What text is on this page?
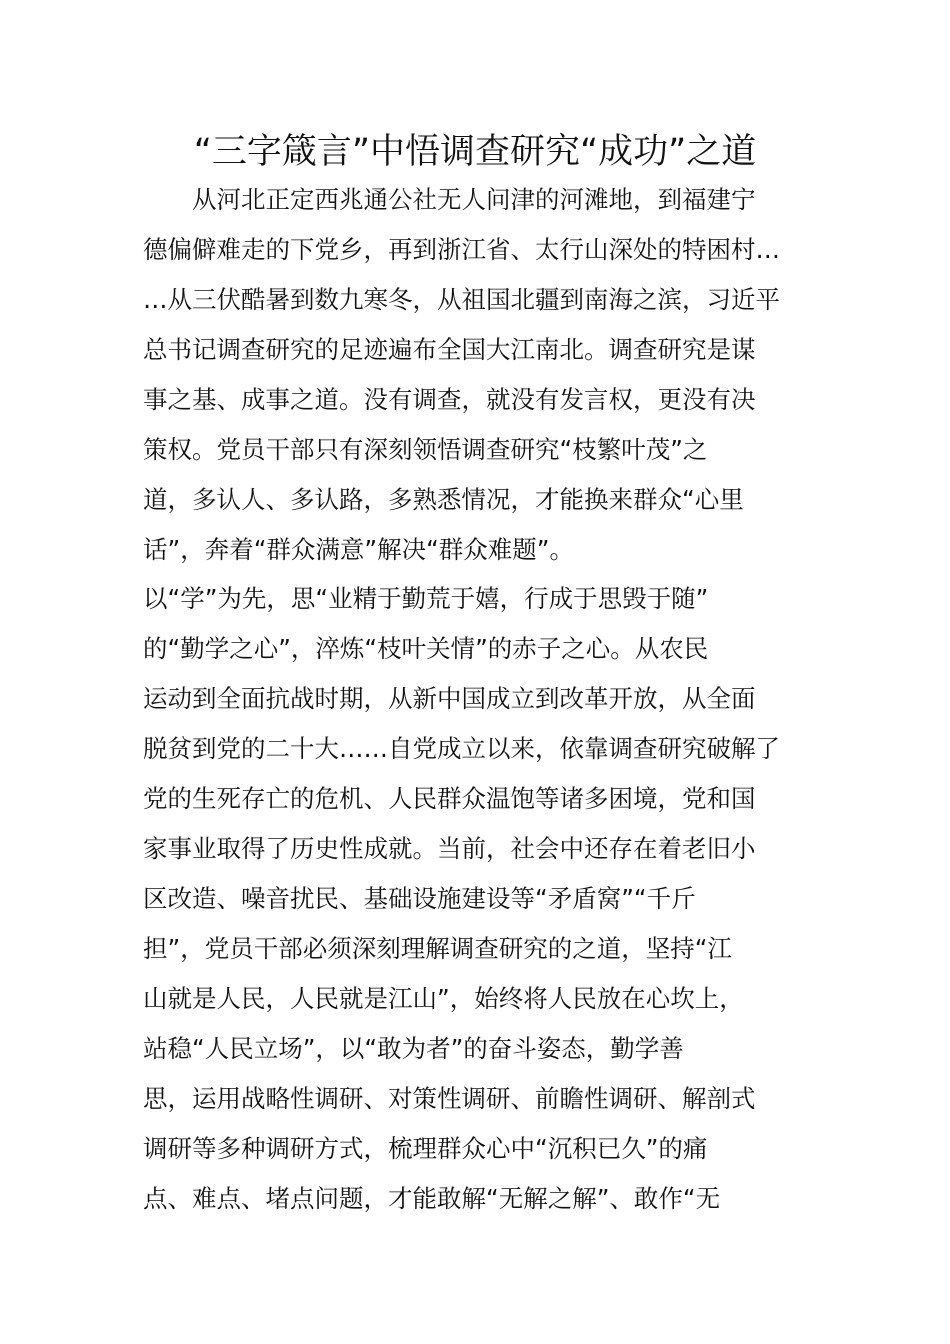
“三字箴言”中悟调查研究“成功”之道
　　从河北正定西兆通公社无人问津的河滩地，到福建宁
德偏僻难走的下党乡，再到浙江省、太行山深处的特困村…
…从三伏酷暑到数九寒冬，从祖国北疆到南海之滨，习近平
总书记调查研究的足迹遍布全国大江南北。调查研究是谋
事之基、成事之道。没有调查，就没有发言权，更没有决
策权。党员干部只有深刻领悟调查研究“枝繁叶茂”之
道，多认人、多认路，多熟悉情况，才能换来群众“心里
话”，奔着“群众满意”解决“群众难题”。
以“学”为先，思“业精于勤荒于嬉，行成于思毁于随”
的“勤学之心”，淬炼“枝叶关情”的赤子之心。从农民
运动到全面抗战时期，从新中国成立到改革开放，从全面
脱贫到党的二十大……自党成立以来，依靠调查研究破解了
党的生死存亡的危机、人民群众温饱等诸多困境，党和国
家事业取得了历史性成就。当前，社会中还存在着老旧小
区改造、噪音扰民、基础设施建设等“矛盾窝”“千斤
担”，党员干部必须深刻理解调查研究的之道，坚持“江
山就是人民，人民就是江山”，始终将人民放在心坎上，
站稳“人民立场”，以“敢为者”的奋斗姿态，勤学善
思，运用战略性调研、对策性调研、前瞻性调研、解剖式
调研等多种调研方式，梳理群众心中“沉积已久”的痛
点、难点、堵点问题，才能敢解“无解之解”、敢作“无
